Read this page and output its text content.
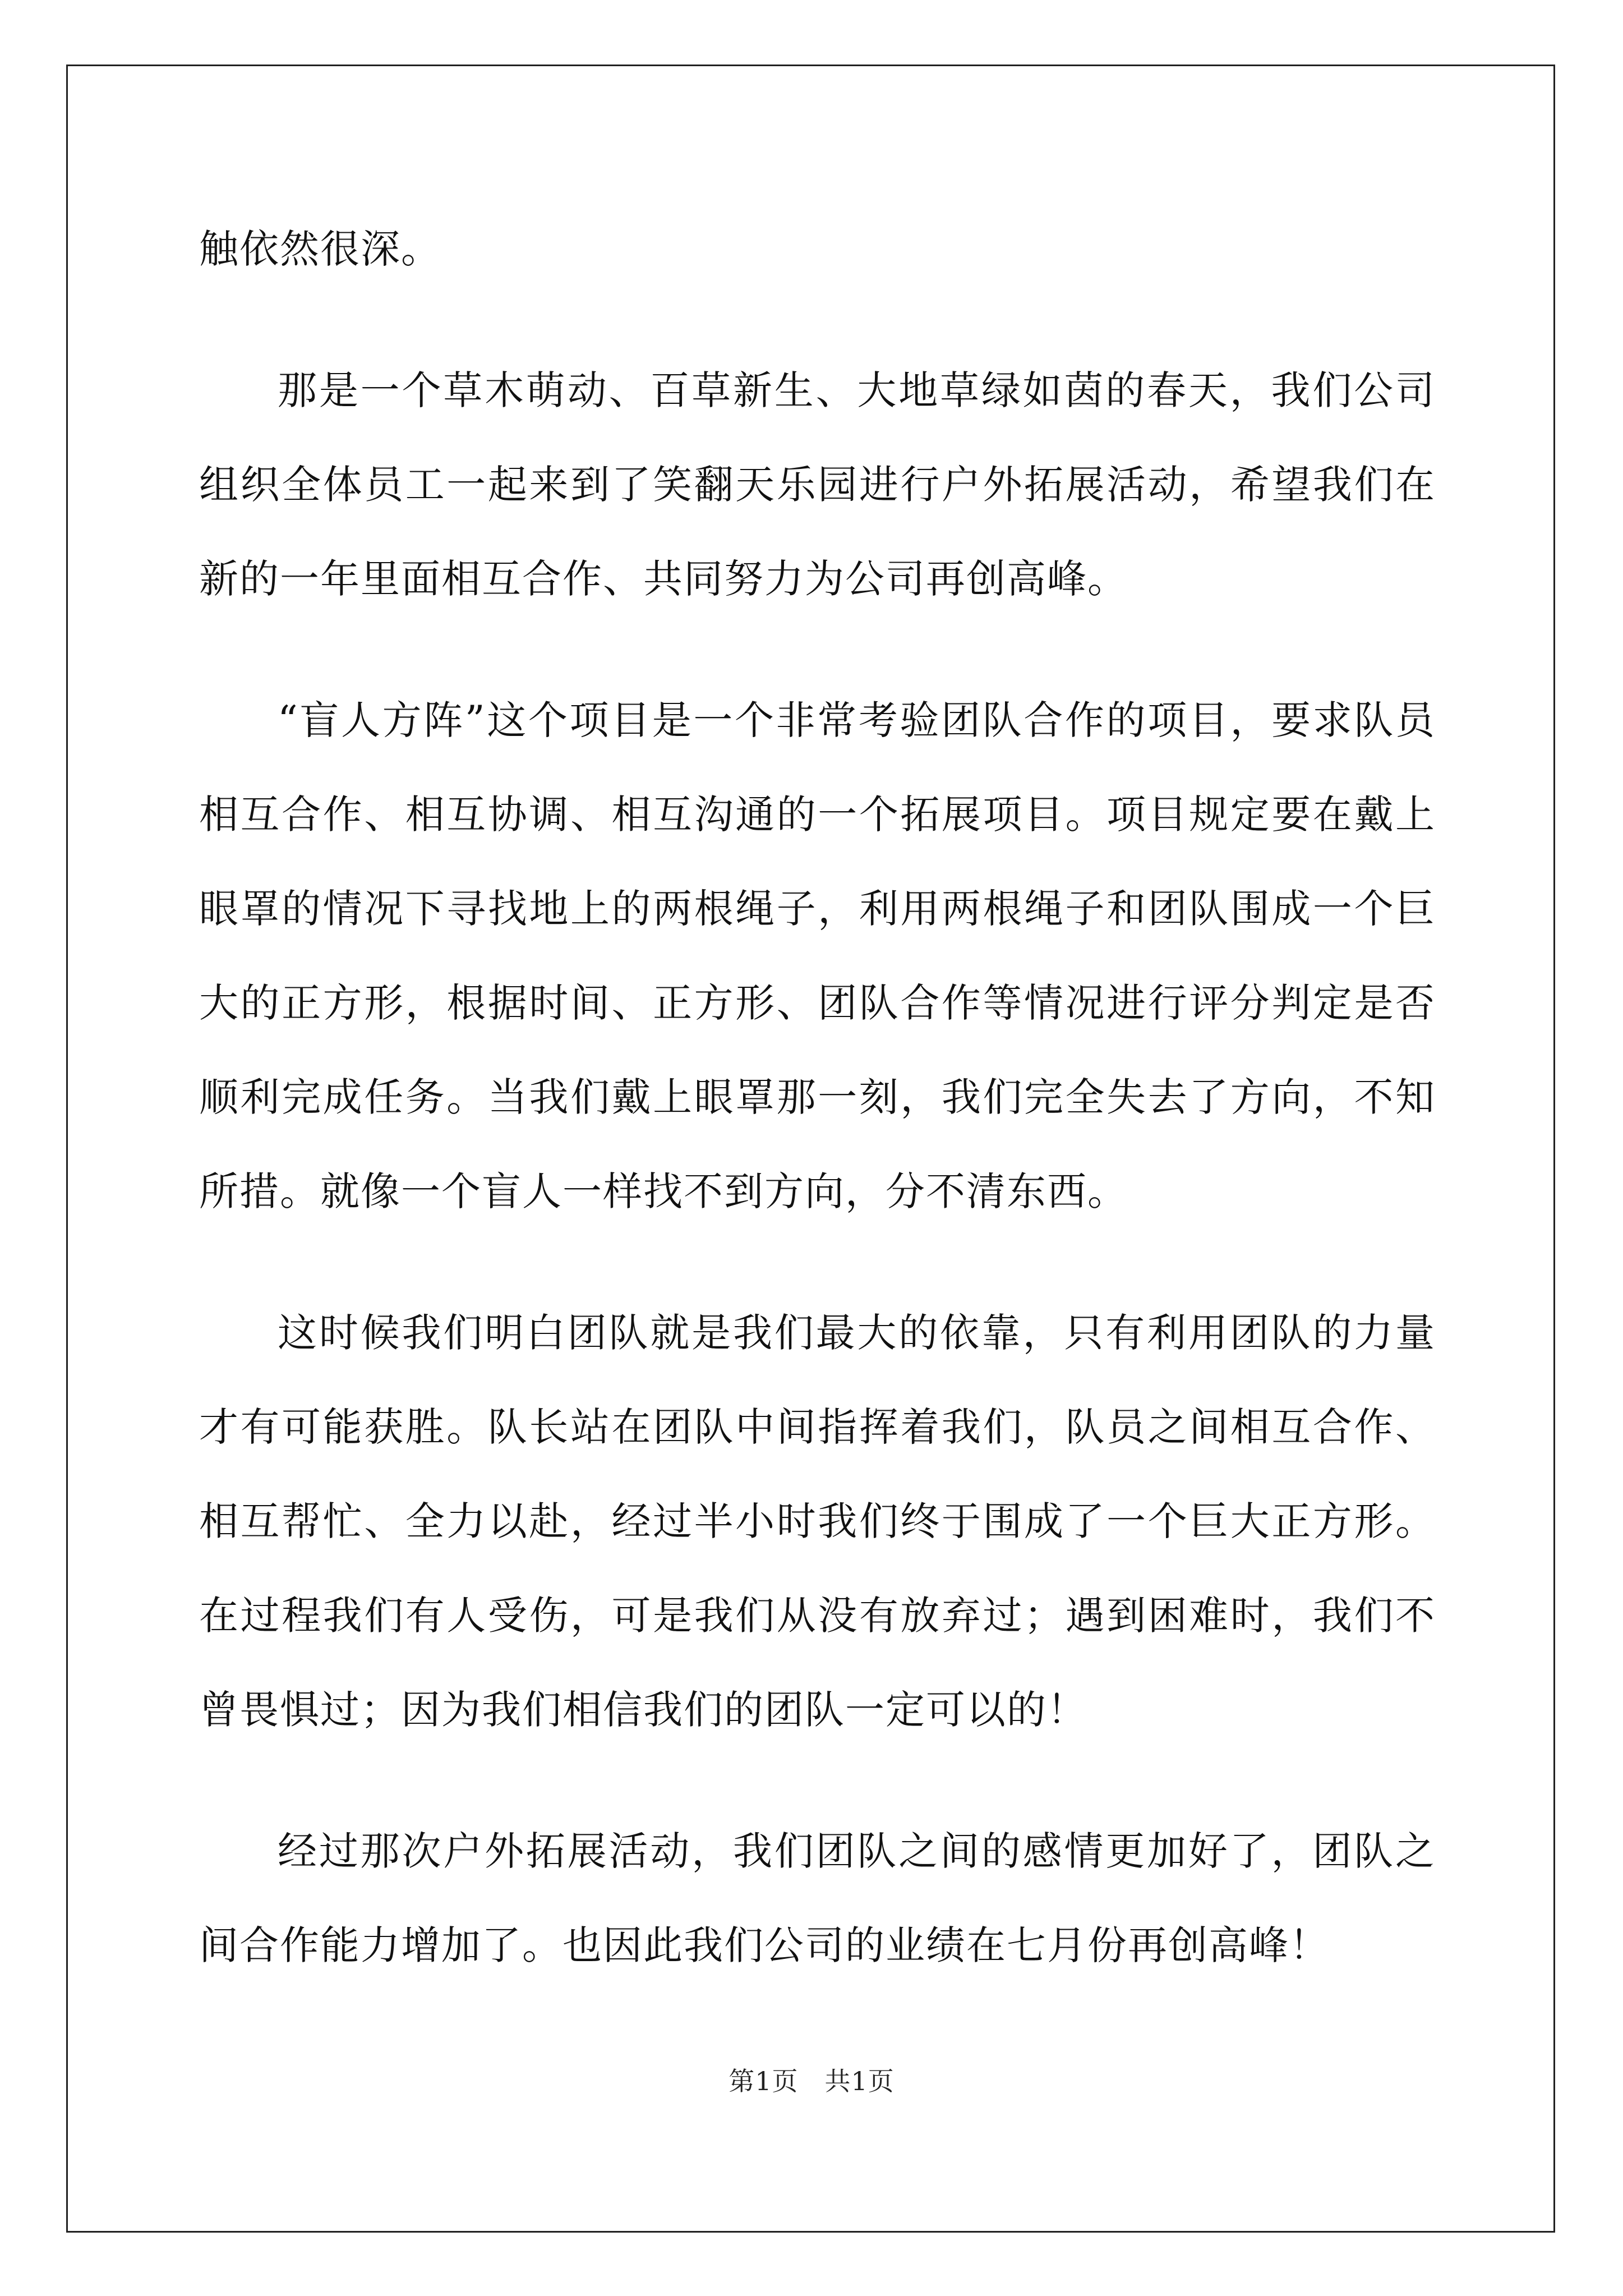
触依然很深。

那是一个草木萌动、百草新生、大地草绿如茵的春天，我们公司组织全体员工一起来到了笑翻天乐园进行户外拓展活动，希望我们在新的一年里面相互合作、共同努力为公司再创高峰。

“盲人方阵”这个项目是一个非常考验团队合作的项目，要求队员相互合作、相互协调、相互沟通的一个拓展项目。项目规定要在戴上眼罩的情况下寻找地上的两根绳子，利用两根绳子和团队围成一个巨大的正方形，根据时间、正方形、团队合作等情况进行评分判定是否顺利完成任务。当我们戴上眼罩那一刻，我们完全失去了方向，不知所措。就像一个盲人一样找不到方向，分不清东西。

这时候我们明白团队就是我们最大的依靠，只有利用团队的力量才有可能获胜。队长站在团队中间指挥着我们，队员之间相互合作、相互帮忙、全力以赴，经过半小时我们终于围成了一个巨大正方形。在过程我们有人受伤，可是我们从没有放弃过；遇到困难时，我们不曾畏惧过；因为我们相信我们的团队一定可以的！

经过那次户外拓展活动，我们团队之间的感情更加好了，团队之间合作能力增加了。也因此我们公司的业绩在七月份再创高峰！

第1页　共1页
